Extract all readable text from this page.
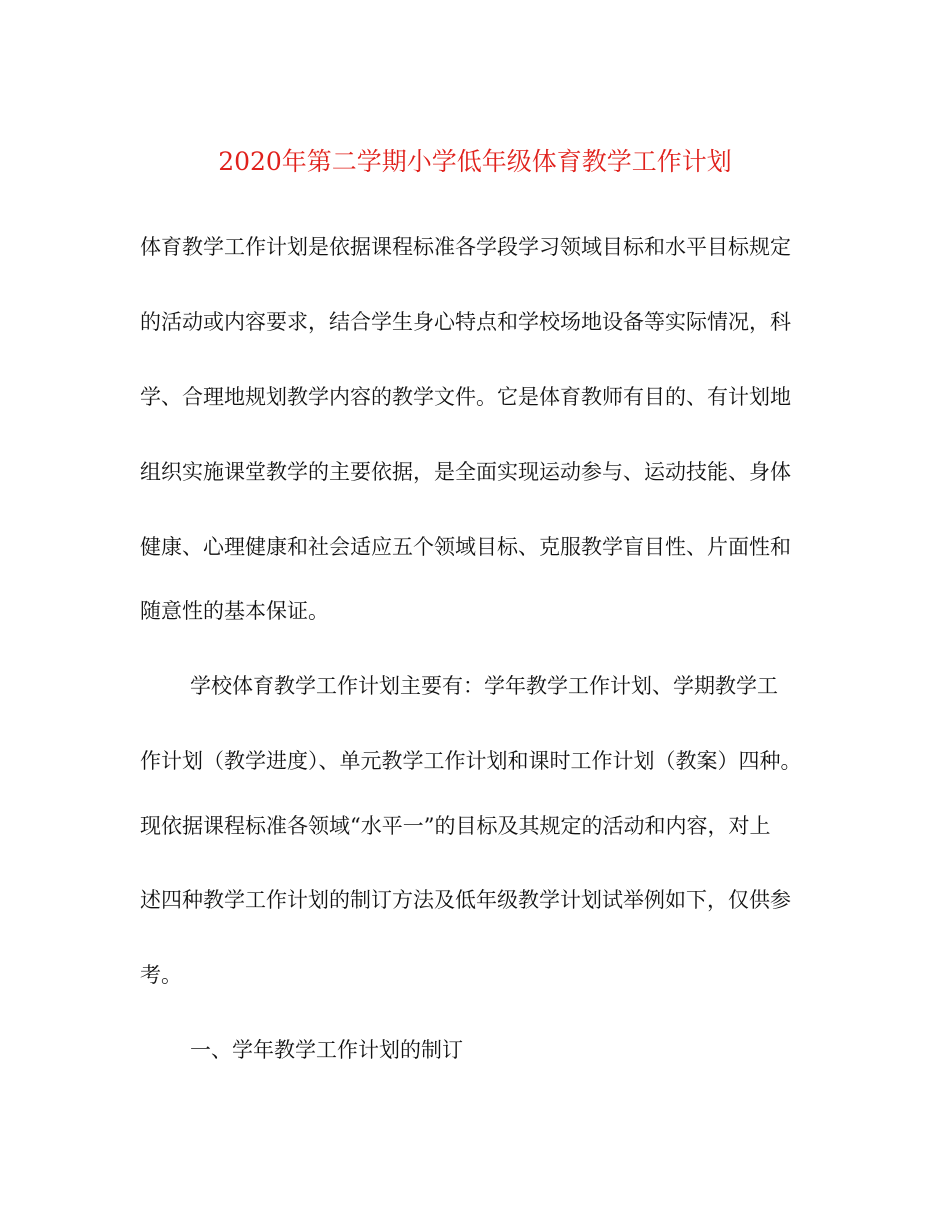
2020年第二学期小学低年级体育教学工作计划
体育教学工作计划是依据课程标准各学段学习领域目标和水平目标规定
的活动或内容要求，结合学生身心特点和学校场地设备等实际情况，科
学、合理地规划教学内容的教学文件。它是体育教师有目的、有计划地
组织实施课堂教学的主要依据，是全面实现运动参与、运动技能、身体
健康、心理健康和社会适应五个领域目标、克服教学盲目性、片面性和
随意性的基本保证。
学校体育教学工作计划主要有：学年教学工作计划、学期教学工
作计划（教学进度）、单元教学工作计划和课时工作计划（教案）四种。
现依据课程标准各领域“水平一”的目标及其规定的活动和内容，对上
述四种教学工作计划的制订方法及低年级教学计划试举例如下，仅供参
考。
一、学年教学工作计划的制订
